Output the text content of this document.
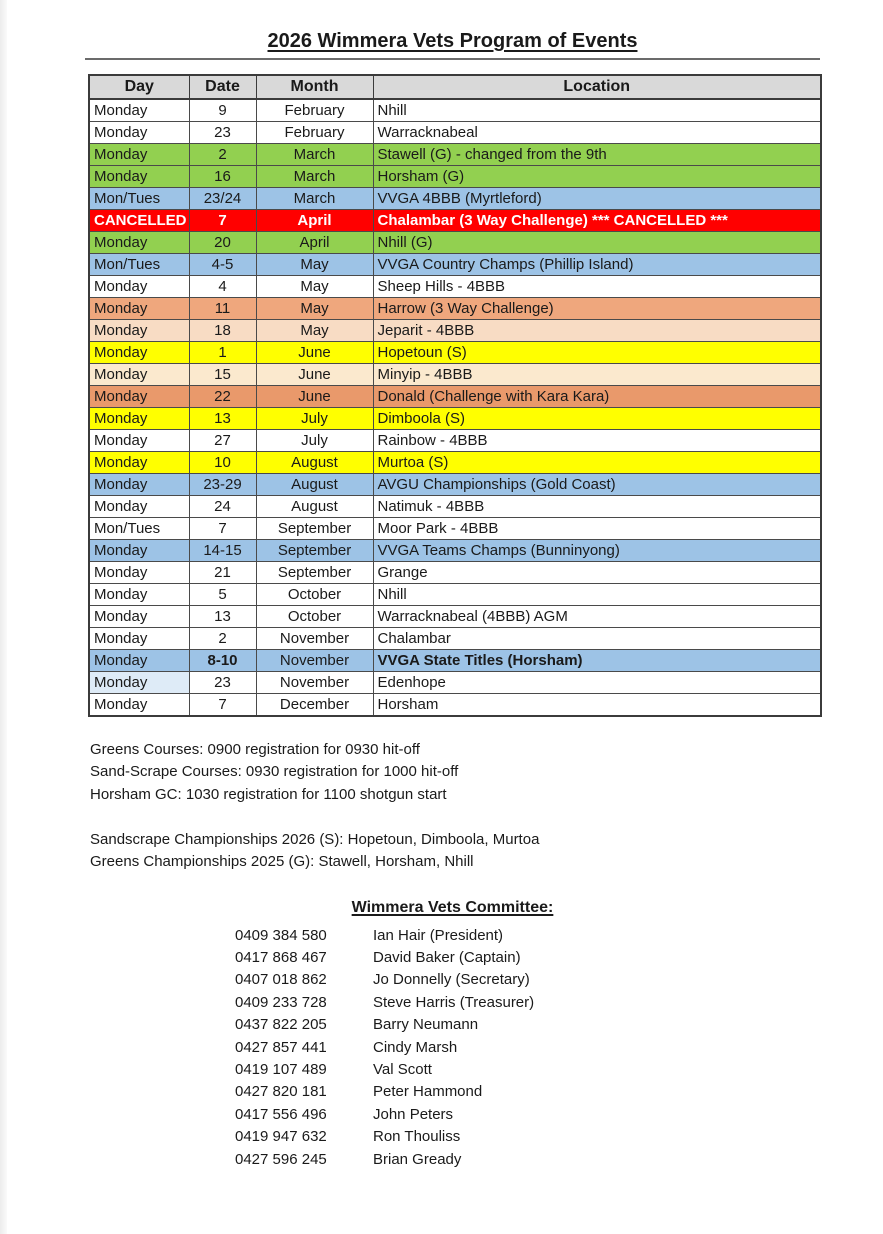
2026 Wimmera Vets Program of Events
Day	Date	Month	Location
Monday	9	February	Nhill
Monday	23	February	Warracknabeal
Monday	2	March	Stawell (G) - changed from the 9th
Monday	16	March	Horsham (G)
Mon/Tues	23/24	March	VVGA 4BBB (Myrtleford)
CANCELLED	7	April	Chalambar (3 Way Challenge) *** CANCELLED ***
Monday	20	April	Nhill (G)
Mon/Tues	4-5	May	VVGA Country Champs (Phillip Island)
Monday	4	May	Sheep Hills - 4BBB
Monday	11	May	Harrow (3 Way Challenge)
Monday	18	May	Jeparit - 4BBB
Monday	1	June	Hopetoun (S)
Monday	15	June	Minyip - 4BBB
Monday	22	June	Donald (Challenge with Kara Kara)
Monday	13	July	Dimboola (S)
Monday	27	July	Rainbow - 4BBB
Monday	10	August	Murtoa (S)
Monday	23-29	August	AVGU Championships (Gold Coast)
Monday	24	August	Natimuk - 4BBB
Mon/Tues	7	September	Moor Park - 4BBB
Monday	14-15	September	VVGA Teams Champs (Bunninyong)
Monday	21	September	Grange
Monday	5	October	Nhill
Monday	13	October	Warracknabeal (4BBB) AGM
Monday	2	November	Chalambar
Monday	8-10	November	VVGA State Titles (Horsham)
Monday	23	November	Edenhope
Monday	7	December	Horsham
Greens Courses: 0900 registration for 0930 hit-off
Sand-Scrape Courses: 0930 registration for 1000 hit-off
Horsham GC: 1030 registration for 1100 shotgun start
Sandscrape Championships 2026 (S): Hopetoun, Dimboola, Murtoa
Greens Championships 2025 (G): Stawell, Horsham, Nhill
Wimmera Vets Committee:
0409 384 580	Ian Hair (President)
0417 868 467	David Baker (Captain)
0407 018 862	Jo Donnelly (Secretary)
0409 233 728	Steve Harris (Treasurer)
0437 822 205	Barry Neumann
0427 857 441	Cindy Marsh
0419 107 489	Val Scott
0427 820 181	Peter Hammond
0417 556 496	John Peters
0419 947 632	Ron Thouliss
0427 596 245	Brian Gready
